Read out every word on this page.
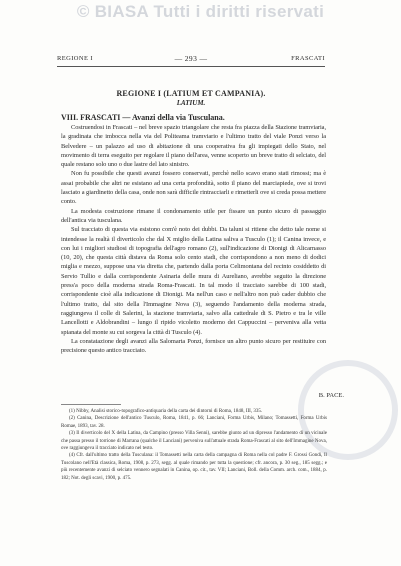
© BIASA Tutti i diritti riservati
REGIONE I	— 293 —	FRASCATI
REGIONE I (LATIUM ET CAMPANIA).
LATIUM.
VIII. FRASCATI — Avanzi della via Tusculana.

Costruendosi in Frascati – nel breve spazio triangolare che resta fra piazza della Stazione tramviaria, la gradinata che imbocca nella via del Politeama tramviario e l'ultimo tratto del viale Ponzi verso la Belvedere – un palazzo ad uso di abitazione di una cooperativa fra gli impiegati dello Stato, nel movimento di terra eseguito per regolare il piano dell'area, venne scoperto un breve tratto di selciato, del quale restano solo uno o due lastre del lato sinistro.

Non fu possibile che questi avanzi fossero conservati, perchè nello scavo erano stati rimossi; ma è assai probabile che altri ne esistano ad una certa profondità, sotto il piano del marciapiede, ove si trovi lasciato a giardinetto della casa, onde non sarà difficile rintracciarli e rimetterli ove si creda possa mettere conto.

La modesta costruzione rimane il condonamento utile per fissare un punto sicuro di passaggio dell'antica via tusculana.

Sul tracciato di questa via esistono com'è noto dei dubbi. Da taluni si ritiene che detto tale nome si intendesse la realtà il diverticolo che dal X miglio della Latina saliva a Tusculo (1); il Canina invece, e con lui i migliori studiosi di topografia dell'agro romano (2), sull'indicazione di Dionigi di Alicarnasso (10, 20), che questa città distava da Roma solo cento stadi, che corrispondono a non meno di dodici miglia e mezzo, suppose una via diretta che, partendo dalla porta Celimontana del recinto cosiddetto di Servio Tullio e dalla corrispondente Asinaria delle mura di Aureliano, avrebbe seguito la direzione press'a poco della moderna strada Roma-Frascati. In tal modo il tracciato sarebbe di 100 stadi, corrispondente cioè alla indicazione di Dionigi. Ma nell'un caso e nell'altro non può cader dubbio che l'ultimo tratto, dal sito della l'Immagine Nova (3), seguendo l'andamento della moderna strada, raggiungeva il colle di Salerini, la stazione tramviaria, salvo alla cattedrale di S. Pietro e tra le ville Lancellotti e Aldobrandini – lungo il ripido vicoletto moderno dei Cappuccini – perveniva alla vetta spianata del monte su cui sorgeva la città di Tusculo (4).

La constatazione degli avanzi alla Salomarta Ponzi, fornisce un altro punto sicuro per restituire con precisione questo antico tracciato.

B. PACE.

(1) Nibby, Analisi storico-topografico-antiquaria della carta dei dintorni di Roma, 1848, III, 335.

(2) Canina, Descrizione dell'antico Tusculo, Roma, 1841, p. 66; Lanciani, Forma Urbis, Milano; Tomassetti, Forma Urbis Romae, 1893, tav. 28.

(3) Il diverticolo del X della Latina, da Campino (presso Villa Senni), sarebbe giunto ad un dipresso l'andamento di un vicinale che passa presso il torrione di Marrana (qualche il Lanciani) perveniva sull'attuale strada Roma-Frascati al sito dell'Immagine Nova, ove raggiungeva il tracciato indicato nel testo.

(4) Cfr. dall'ultimo tratto della Tusculana: il Tomassetti nella carta della campagna di Roma nella col padre F. Grossi Gondi, Il Tuscolano nell'Età classica, Roma, 1908, p. 273, segg. al quale rimando per tutta la questione; cfr. ancora, p. 30 seg., 185 segg.; e più recentemente avanzi di selciato vennero segnalati in Canina, op. cit., tav. VII; Lanciani, Boll. della Comm. arch. com., 1884, p. 182; Not. degli scavi, 1900, p. 475.
